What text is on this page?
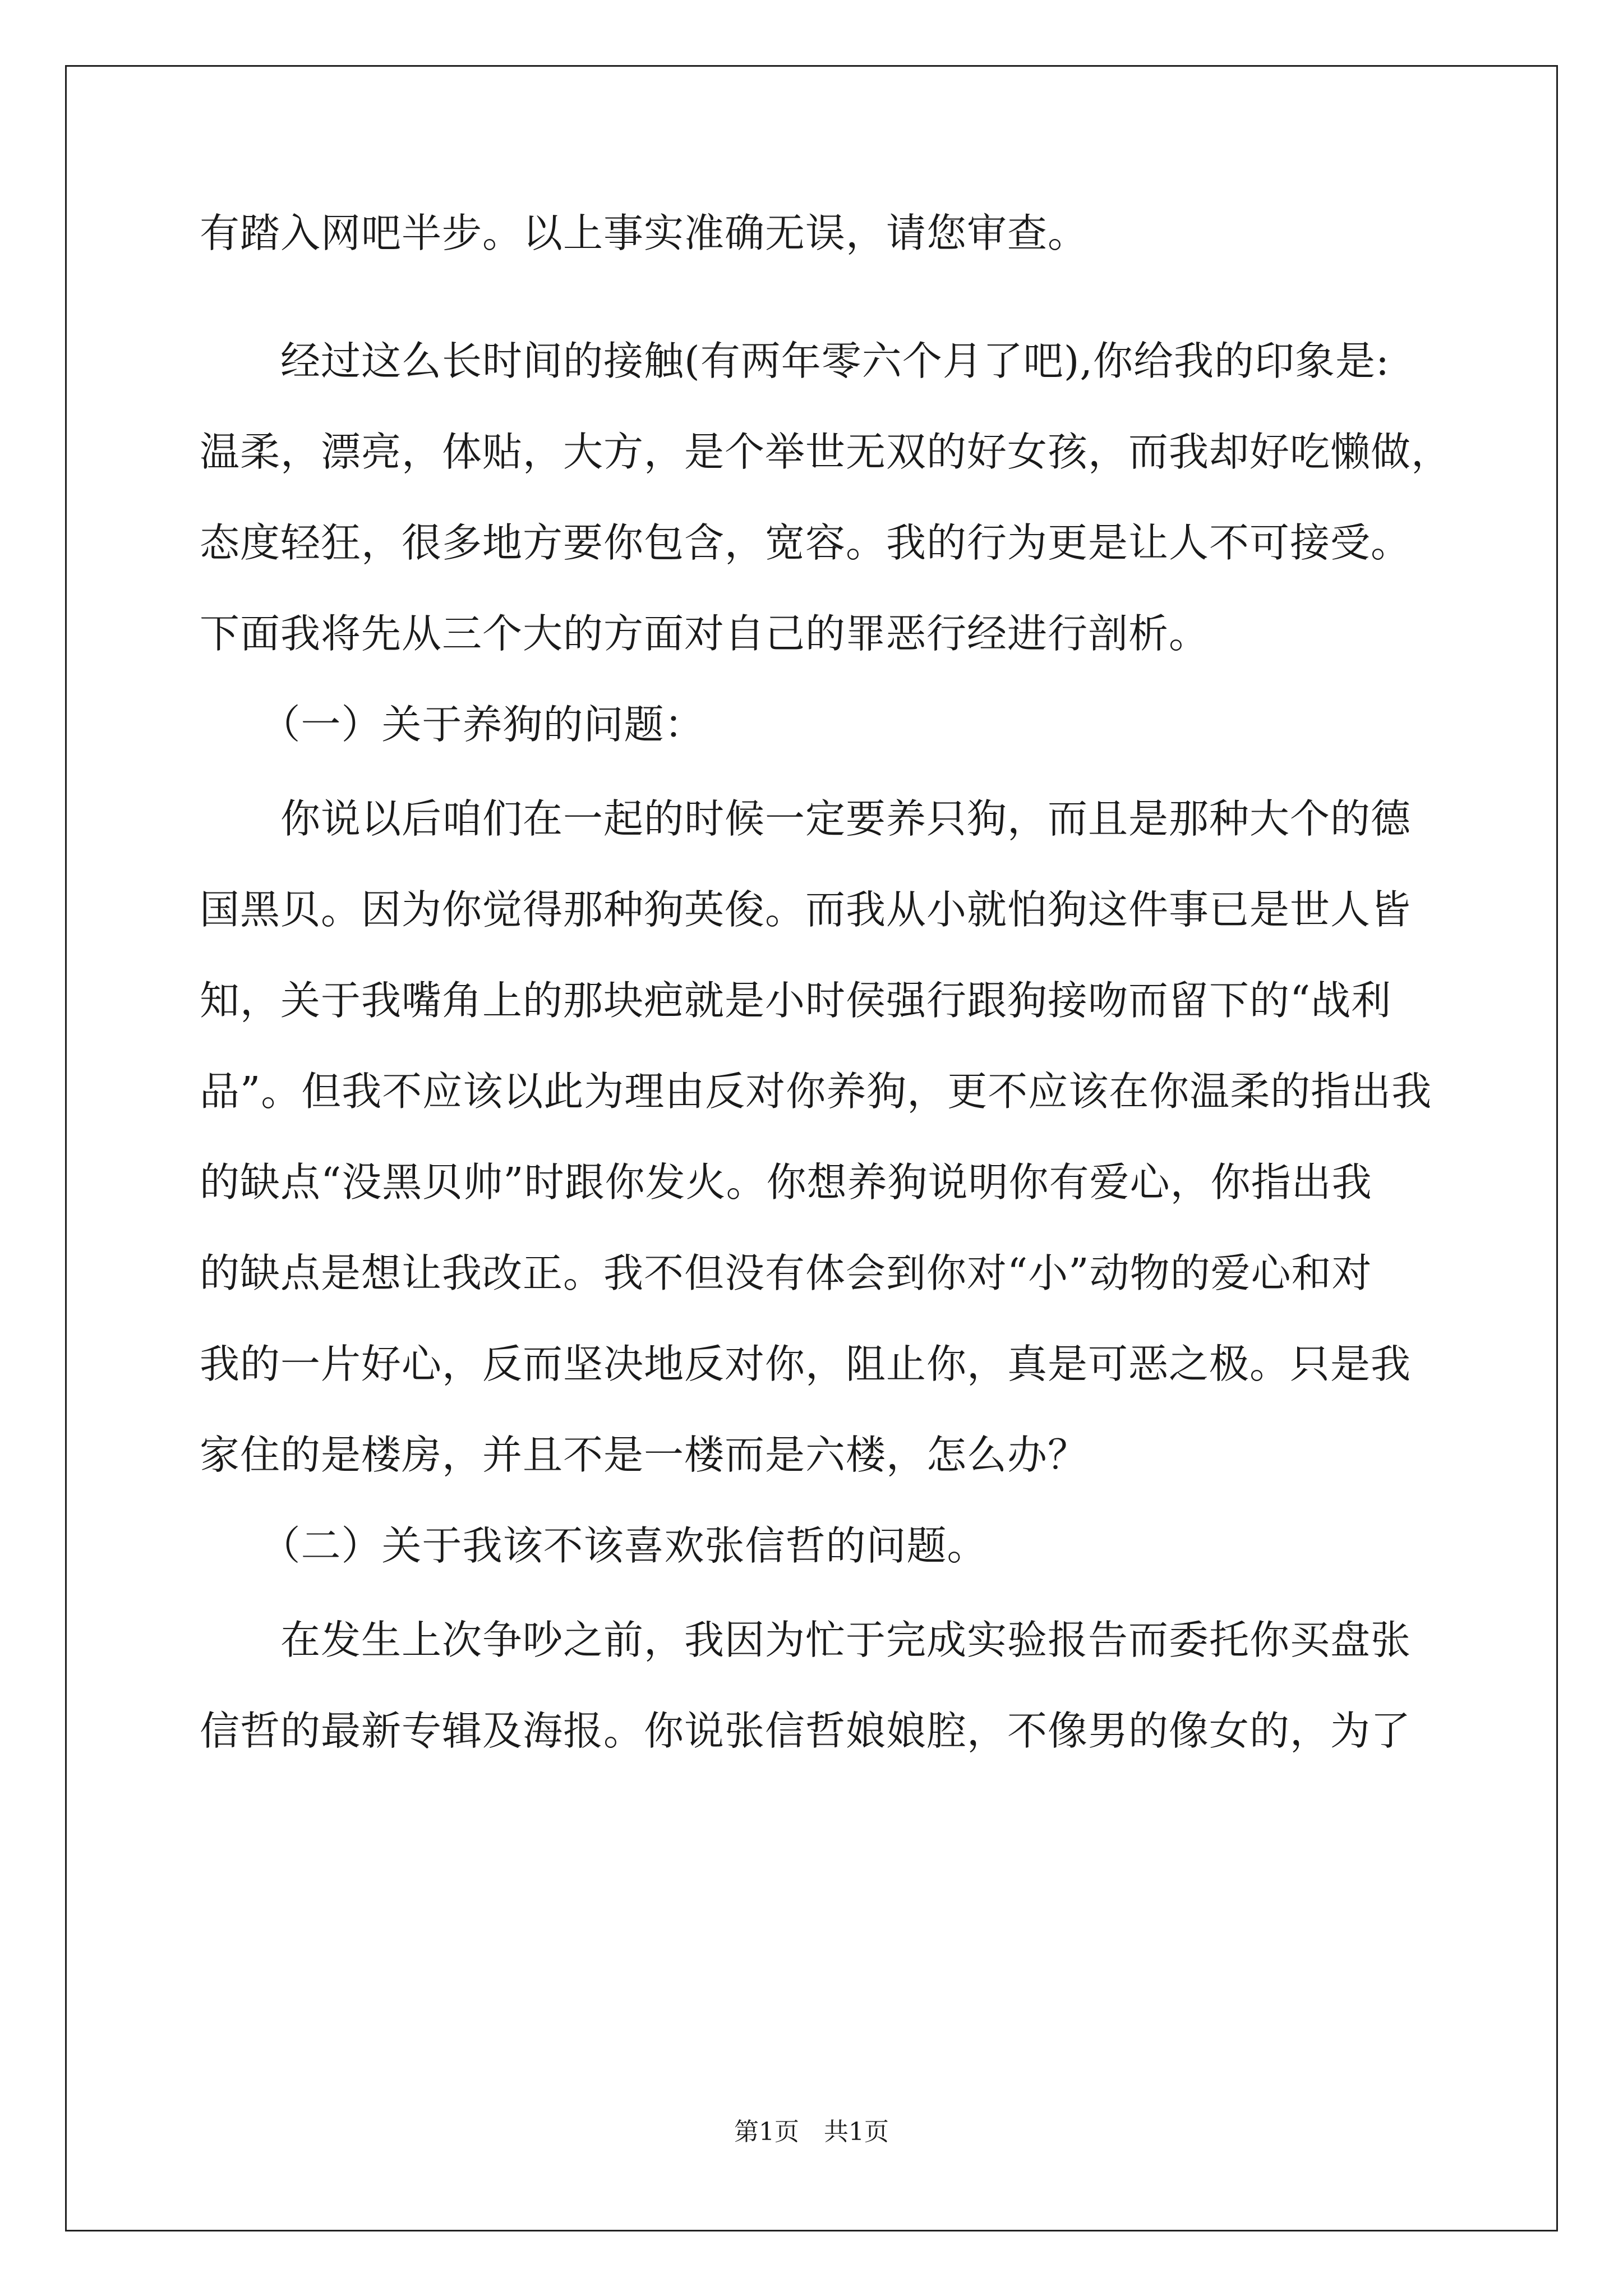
有踏入网吧半步。以上事实准确无误，请您审查。

　　经过这么长时间的接触(有两年零六个月了吧),你给我的印象是:

温柔，漂亮，体贴，大方，是个举世无双的好女孩，而我却好吃懒做，

态度轻狂，很多地方要你包含，宽容。我的行为更是让人不可接受。

下面我将先从三个大的方面对自己的罪恶行经进行剖析。

　　（一）关于养狗的问题：

　　你说以后咱们在一起的时候一定要养只狗，而且是那种大个的德

国黑贝。因为你觉得那种狗英俊。而我从小就怕狗这件事已是世人皆

知，关于我嘴角上的那块疤就是小时侯强行跟狗接吻而留下的“战利

品”。但我不应该以此为理由反对你养狗，更不应该在你温柔的指出我

的缺点“没黑贝帅”时跟你发火。你想养狗说明你有爱心，你指出我

的缺点是想让我改正。我不但没有体会到你对“小”动物的爱心和对

我的一片好心，反而坚决地反对你，阻止你，真是可恶之极。只是我

家住的是楼房，并且不是一楼而是六楼，怎么办？

　　（二）关于我该不该喜欢张信哲的问题。

　　在发生上次争吵之前，我因为忙于完成实验报告而委托你买盘张

信哲的最新专辑及海报。你说张信哲娘娘腔，不像男的像女的，为了

第1页 共1页
